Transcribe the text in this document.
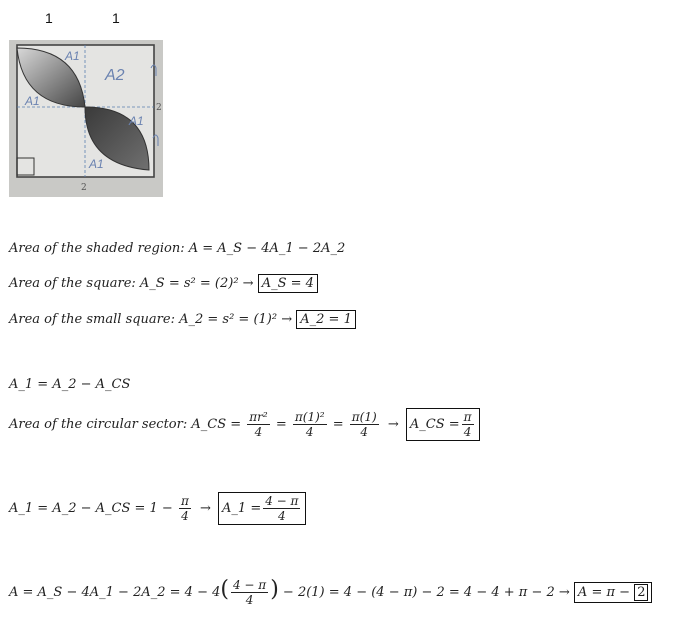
1	1
A1
A1
A2
A1
A1
2
2
Area of the shaded region: A = A_S − 4A_1 − 2A_2
Area of the square: A_S = s² = (2)² → A_S = 4
Area of the small square: A_2 = s² = (1)² → A_2 = 1
A_1 = A_2 − A_CS
Area of the circular sector: A_CS = $\frac{\text{πr²}}{4} = \frac{\text{π(1)²}}{4} = \frac{\pi(1)}{4}$ → A_CS = $\frac{\pi}{4}$
A_1 = A_2 − A_CS = $1 - \frac{\pi}{4}$ → A_1 = $\frac{4 - \pi}{4}$
A = A_S − 4A_1 − 2A_2 = $4 - 4( \frac{4 - \pi}{4}$ ) − 2(1) = 4 − (4 − π) − 2 = 4 − 4 + π − 2 → A = π − 2
